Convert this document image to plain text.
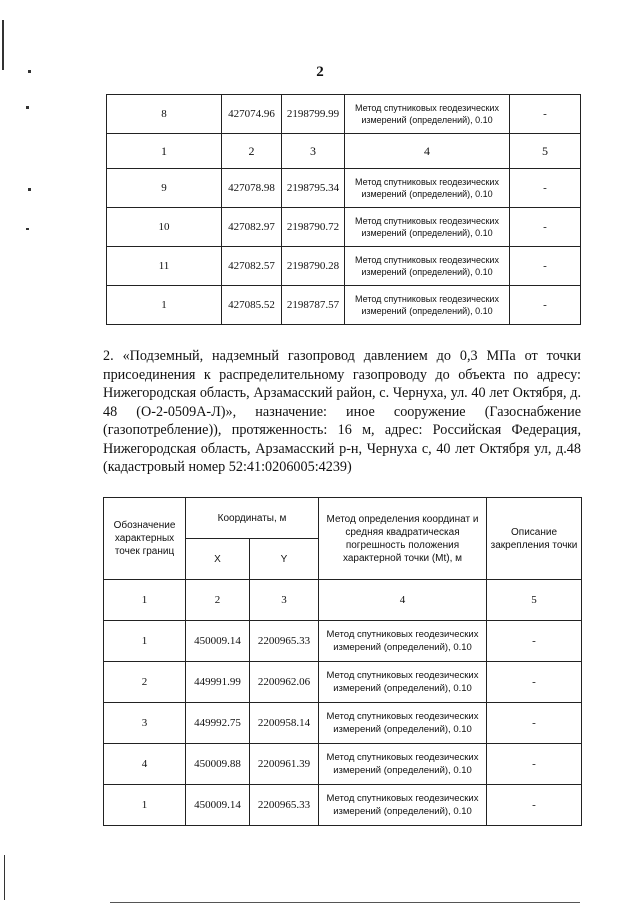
2
8	427074.96	2198799.99	Метод спутниковых геодезических измерений (определений), 0.10	-
1	2	3	4	5
9	427078.98	2198795.34	Метод спутниковых геодезических измерений (определений), 0.10	-
10	427082.97	2198790.72	Метод спутниковых геодезических измерений (определений), 0.10	-
11	427082.57	2198790.28	Метод спутниковых геодезических измерений (определений), 0.10	-
1	427085.52	2198787.57	Метод спутниковых геодезических измерений (определений), 0.10	-
2. «Подземный, надземный газопровод давлением до 0,3 МПа от точки присоединения к распределительному газопроводу до объекта по адресу: Нижегородская область, Арзамасский район, с. Чернуха, ул. 40 лет Октября, д. 48 (О-2-0509А-Л)», назначение: иное сооружение (Газоснабжение (газопотребление)), протяженность: 16 м, адрес: Российская Федерация, Нижегородская область, Арзамасский р-н, Чернуха с, 40 лет Октября ул, д.48 (кадастровый номер 52:41:0206005:4239)
Обозначение характерных точек границ	Координаты, м		Метод определения координат и средняя квадратическая погрешность положения характерной точки (Mt), м	Описание закрепления точки
	X	Y		
1	2	3	4	5
1	450009.14	2200965.33	Метод спутниковых геодезических измерений (определений), 0.10	-
2	449991.99	2200962.06	Метод спутниковых геодезических измерений (определений), 0.10	-
3	449992.75	2200958.14	Метод спутниковых геодезических измерений (определений), 0.10	-
4	450009.88	2200961.39	Метод спутниковых геодезических измерений (определений), 0.10	-
1	450009.14	2200965.33	Метод спутниковых геодезических измерений (определений), 0.10	-
